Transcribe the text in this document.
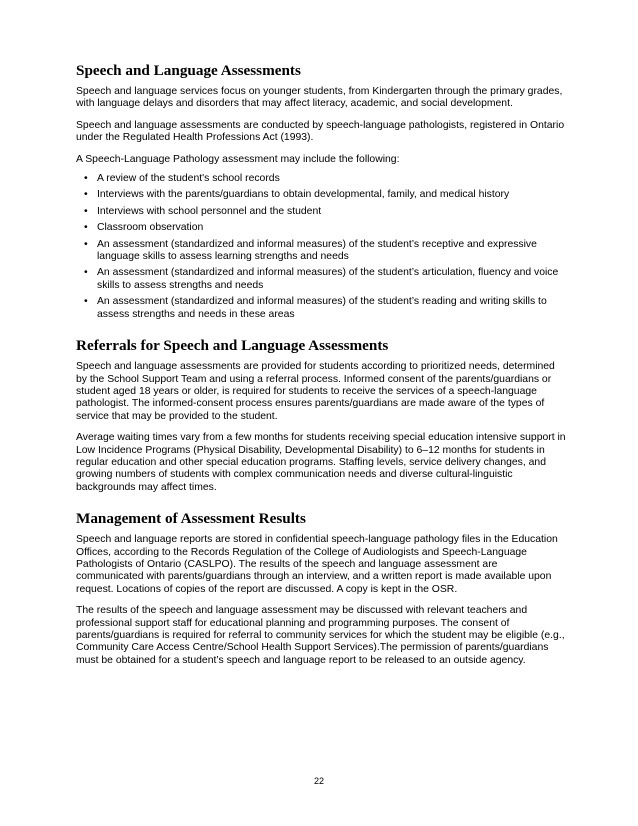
Speech and Language Assessments

Speech and language services focus on younger students, from Kindergarten through the primary grades, with language delays and disorders that may affect literacy, academic, and social development.

Speech and language assessments are conducted by speech-language pathologists, registered in Ontario under the Regulated Health Professions Act (1993).

A Speech-Language Pathology assessment may include the following:

• A review of the student's school records
• Interviews with the parents/guardians to obtain developmental, family, and medical history
• Interviews with school personnel and the student
• Classroom observation
• An assessment (standardized and informal measures) of the student’s receptive and expressive language skills to assess learning strengths and needs
• An assessment (standardized and informal measures) of the student’s articulation, fluency and voice skills to assess strengths and needs
• An assessment (standardized and informal measures) of the student’s reading and writing skills to assess strengths and needs in these areas
Referrals for Speech and Language Assessments

Speech and language assessments are provided for students according to prioritized needs, determined by the School Support Team and using a referral process. Informed consent of the parents/guardians or student aged 18 years or older, is required for students to receive the services of a speech-language pathologist. The informed-consent process ensures parents/guardians are made aware of the types of service that may be provided to the student.

Average waiting times vary from a few months for students receiving special education intensive support in Low Incidence Programs (Physical Disability, Developmental Disability) to 6–12 months for students in regular education and other special education programs. Staffing levels, service delivery changes, and growing numbers of students with complex communication needs and diverse cultural-linguistic backgrounds may affect times.

Management of Assessment Results

Speech and language reports are stored in confidential speech-language pathology files in the Education Offices, according to the Records Regulation of the College of Audiologists and Speech-Language Pathologists of Ontario (CASLPO). The results of the speech and language assessment are communicated with parents/guardians through an interview, and a written report is made available upon request. Locations of copies of the report are discussed. A copy is kept in the OSR.

The results of the speech and language assessment may be discussed with relevant teachers and professional support staff for educational planning and programming purposes. The consent of parents/guardians is required for referral to community services for which the student may be eligible (e.g., Community Care Access Centre/School Health Support Services).The permission of parents/guardians must be obtained for a student’s speech and language report to be released to an outside agency.

22
